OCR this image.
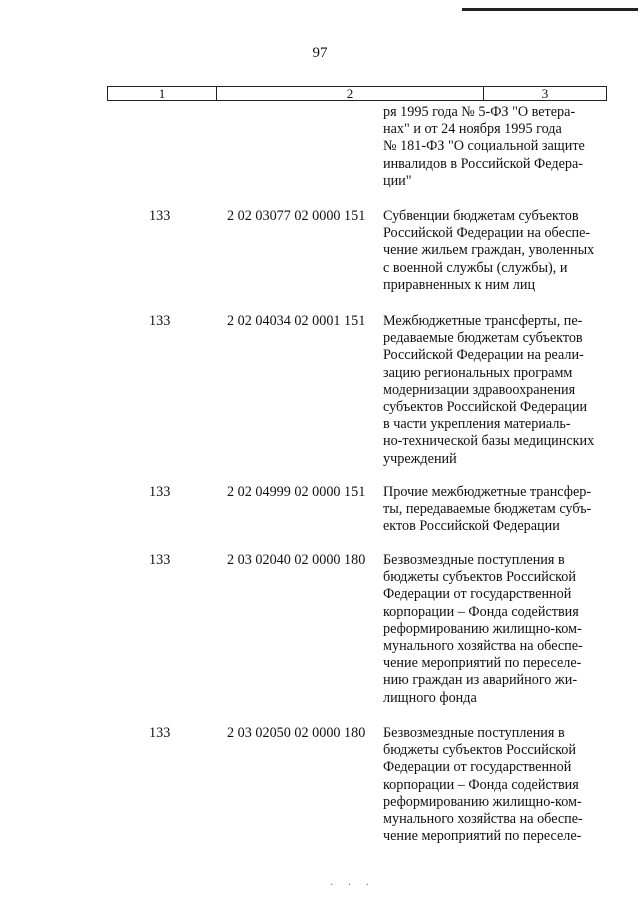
97
1	2	3
ря 1995 года № 5-ФЗ "О ветера-
нах" и от 24 ноября 1995 года
№ 181-ФЗ "О социальной защите
инвалидов в Российской Федера-
ции"
133	2 02 03077 02 0000 151 Субвенции бюджетам субъектов
Российской Федерации на обеспе-
чение жильем граждан, уволенных
с военной службы (службы), и
приравненных к ним лиц
133	2 02 04034 02 0001 151 Межбюджетные трансферты, пе-
редаваемые бюджетам субъектов
Российской Федерации на реали-
зацию региональных программ
модернизации здравоохранения
субъектов Российской Федерации
в части укрепления материаль-
но-технической базы медицинских
учреждений
133	2 02 04999 02 0000 151 Прочие межбюджетные трансфер-
ты, передаваемые бюджетам субъ-
ектов Российской Федерации
133	2 03 02040 02 0000 180 Безвозмездные поступления в
бюджеты субъектов Российской
Федерации от государственной
корпорации – Фонда содействия
реформированию жилищно-ком-
мунального хозяйства на обеспе-
чение мероприятий по переселе-
нию граждан из аварийного жи-
лищного фонда
133	2 03 02050 02 0000 180 Безвозмездные поступления в
бюджеты субъектов Российской
Федерации от государственной
корпорации – Фонда содействия
реформированию жилищно-ком-
мунального хозяйства на обеспе-
чение мероприятий по переселе-
· · ·
